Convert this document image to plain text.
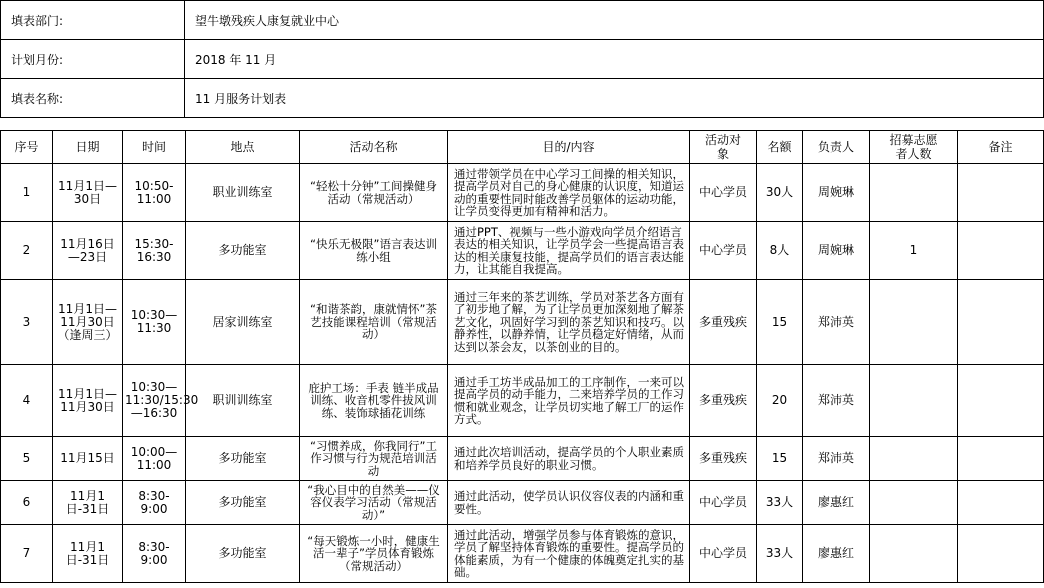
填表部门:	望牛墩残疾人康复就业中心
计划月份:	2018 年 11 月
填表名称:	11 月服务计划表
序号	日期	时间	地点	活动名称	目的/内容	活动对象	名额	负责人	招募志愿者人数	备注
1	11月1日—30日	10:50-11:00	职业训练室	“轻松十分钟”工间操健身活动（常规活动）	通过带领学员在中心学习工间操的相关知识，提高学员对自己的身心健康的认识度，知道运动的重要性同时能改善学员躯体的运动功能，让学员变得更加有精神和活力。	中心学员	30人	周婉琳		
2	11月16日—23日	15:30-16:30	多功能室	“快乐无极限”语言表达训练小组	通过PPT、视频与一些小游戏向学员介绍语言表达的相关知识，让学员学会一些提高语言表达的相关康复技能，提高学员们的语言表达能力，让其能自我提高。	中心学员	8人	周婉琳	1	
3	11月1日—11月30日（逢周三）	10:30—11:30	居家训练室	“和谐茶韵，康就情怀”茶艺技能课程培训（常规活动）	通过三年来的茶艺训练，学员对茶艺各方面有了初步地了解，为了让学员更加深刻地了解茶艺文化，巩固好学习到的茶艺知识和技巧。以静养性，以静养情，让学员稳定好情绪，从而达到以茶会友，以茶创业的目的。	多重残疾	15	郑沛英		
4	11月1日—11月30日	10:30—11:30/15:30—16:30	职训训练室	庇护工场：手表 链半成品训练、收音机零件拔风训练、装饰球插花训练	通过手工坊半成品加工的工序制作，一来可以提高学员的动手能力，二来培养学员的工作习惯和就业观念，让学员切实地了解工厂的运作方式。	多重残疾	20	郑沛英		
5	11月15日	10:00—11:00	多功能室	“习惯养成，你我同行”工作习惯与行为规范培训活动	通过此次培训活动，提高学员的个人职业素质和培养学员良好的职业习惯。	多重残疾	15	郑沛英		
6	11月1日-31日	8:30-9:00	多功能室	“我心目中的自然美——仪容仪表学习活动（常规活动）”	通过此活动，使学员认识仪容仪表的内涵和重要性。	中心学员	33人	廖惠红		
7	11月1日-31日	8:30-9:00	多功能室	“每天锻炼一小时，健康生活一辈子”学员体育锻炼（常规活动）	通过此活动，增强学员参与体育锻炼的意识，学员了解坚持体育锻炼的重要性。提高学员的体能素质，为有一个健康的体魄奠定扎实的基础。	中心学员	33人	廖惠红		
